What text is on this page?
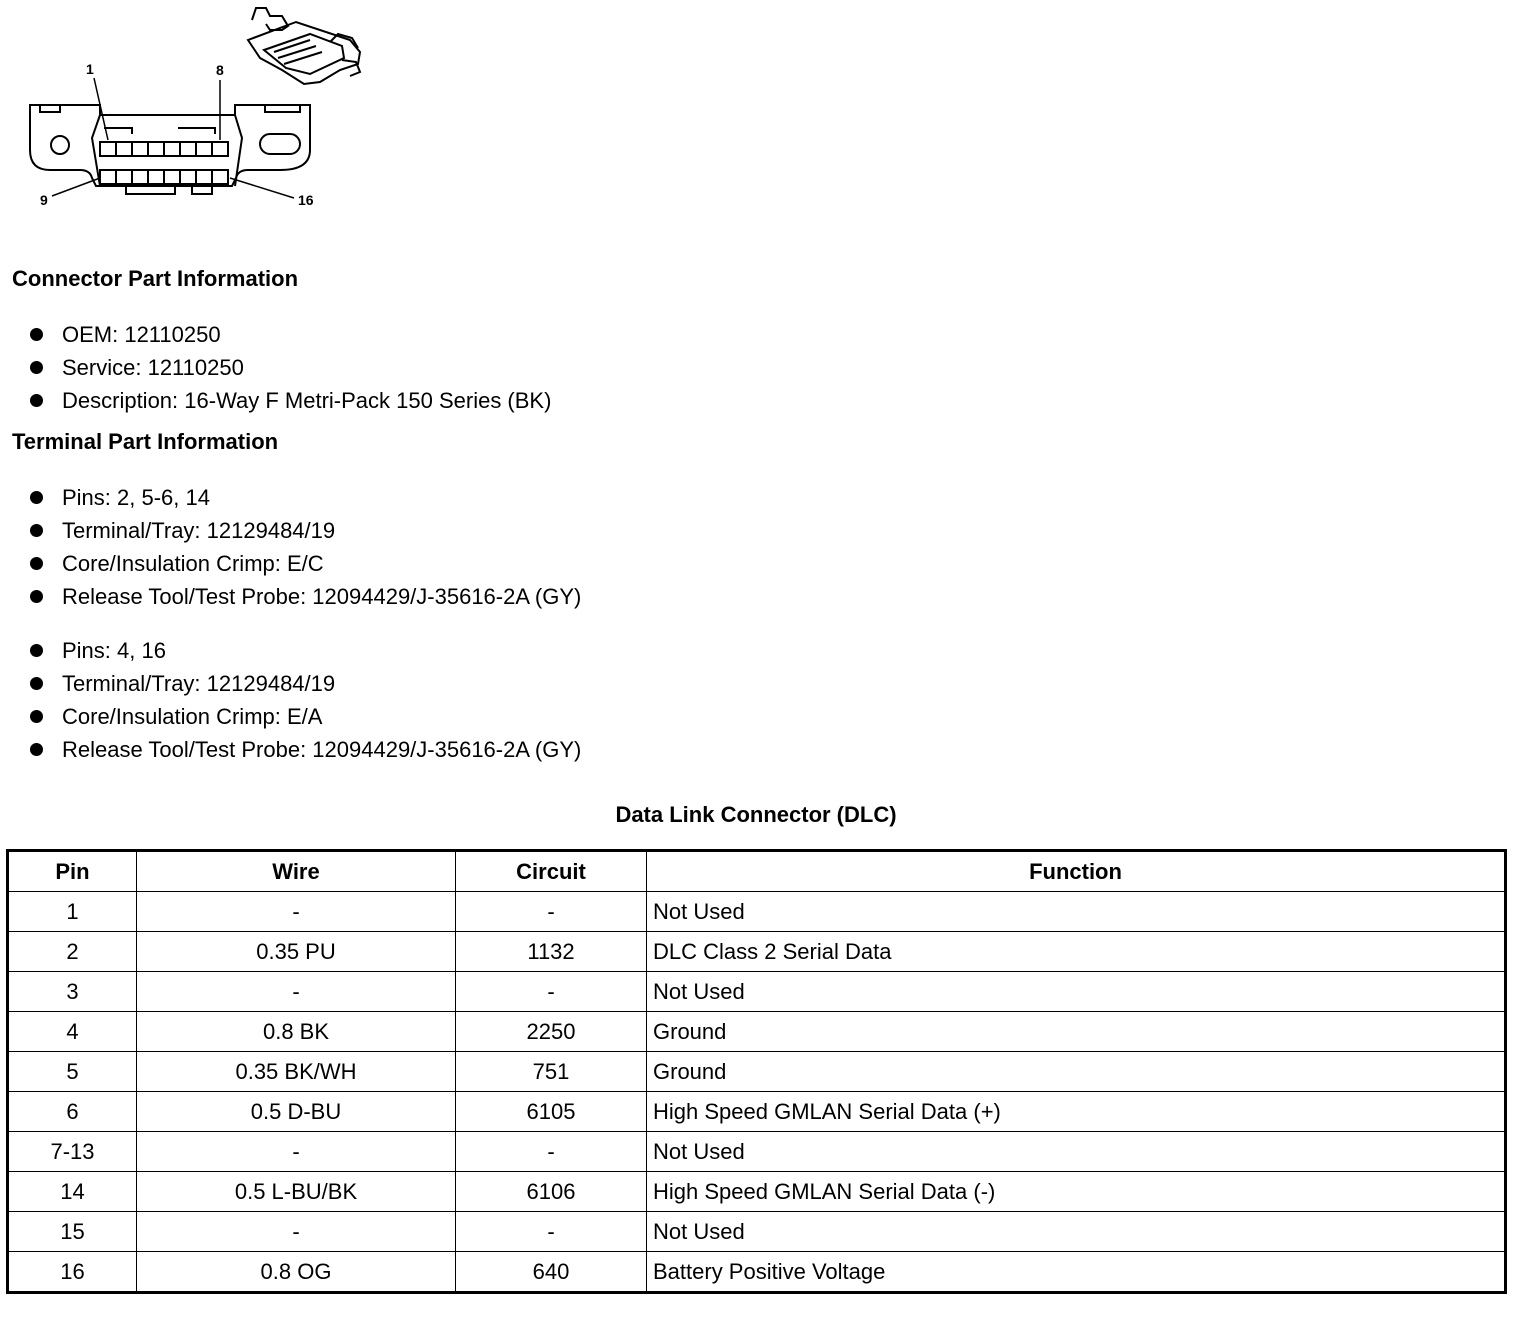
1	8
9	16
Connector Part Information
OEM: 12110250
Service: 12110250
Description: 16-Way F Metri-Pack 150 Series (BK)
Terminal Part Information
Pins: 2, 5-6, 14
Terminal/Tray: 12129484/19
Core/Insulation Crimp: E/C
Release Tool/Test Probe: 12094429/J-35616-2A (GY)
Pins: 4, 16
Terminal/Tray: 12129484/19
Core/Insulation Crimp: E/A
Release Tool/Test Probe: 12094429/J-35616-2A (GY)
Data Link Connector (DLC)
Pin	Wire	Circuit	Function
1	-	-	Not Used
2	0.35 PU	1132	DLC Class 2 Serial Data
3	-	-	Not Used
4	0.8 BK	2250	Ground
5	0.35 BK/WH	751	Ground
6	0.5 D-BU	6105	High Speed GMLAN Serial Data (+)
7-13	-	-	Not Used
14	0.5 L-BU/BK	6106	High Speed GMLAN Serial Data (-)
15	-	-	Not Used
16	0.8 OG	640	Battery Positive Voltage
